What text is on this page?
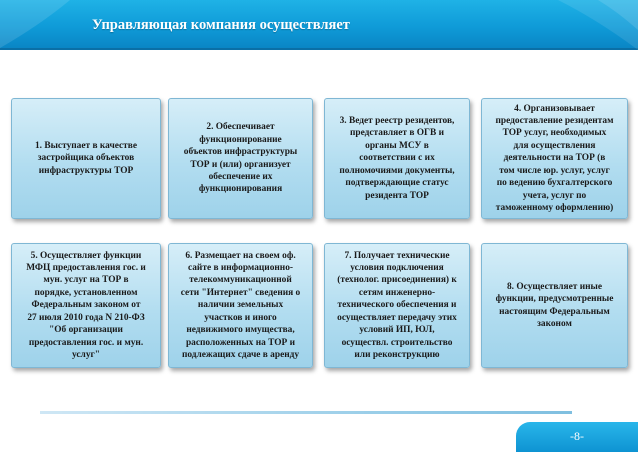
Управляющая компания осуществляет
1. Выступает в качестве
застройщика объектов
инфраструктуры ТОР
2. Обеспечивает
функционирование
объектов инфраструктуры
ТОР и (или) организует
обеспечение их
функционирования
3. Ведет реестр резидентов,
представляет в ОГВ и
органы МСУ в
соответствии с их
полномочиями документы,
подтверждающие статус
резидента ТОР
4. Организовывает
предоставление резидентам
ТОР услуг, необходимых
для осуществления
деятельности на ТОР (в
том числе юр. услуг, услуг
по ведению бухгалтерского
учета, услуг по
таможенному оформлению)
5. Осуществляет функции
МФЦ предоставления гос. и
мун. услуг на ТОР в
порядке, установленном
Федеральным законом от
27 июля 2010 года N 210-ФЗ
"Об организации
предоставления гос. и мун.
услуг"
6. Размещает на своем оф.
сайте в информационно-
телекоммуникационной
сети "Интернет" сведения о
наличии земельных
участков и иного
недвижимого имущества,
расположенных на ТОР и
подлежащих сдаче в аренду
7. Получает технические
условия подключения
(технолог. присоединения) к
сетям инженерно-
технического обеспечения и
осуществляет передачу этих
условий ИП, ЮЛ,
осуществл. строительство
или реконструкцию
8. Осуществляет иные
функции, предусмотренные
настоящим Федеральным
законом
-8-
